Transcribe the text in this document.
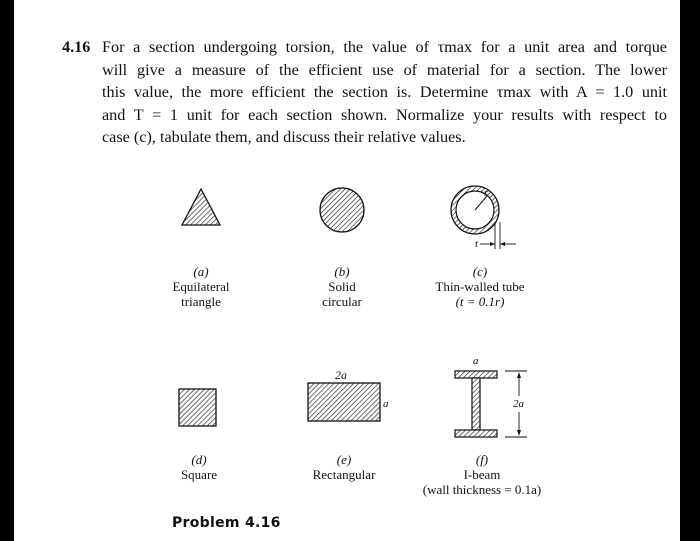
4.16 For a section undergoing torsion, the value of τmax for a unit area and torque
will give a measure of the efficient use of material for a section. The lower
this value, the more efficient the section is. Determine τmax with A = 1.0 unit
and T = 1 unit for each section shown. Normalize your results with respect to
case (c), tabulate them, and discuss their relative values.
r
t
2a
a
a
2a
(a)
Equilateral
triangle
(b)
Solid
circular
(c)
Thin-walled tube
(t = 0.1r)
(d)
Square
(e)
Rectangular
(f)
I-beam
(wall thickness = 0.1a)
Problem 4.16
